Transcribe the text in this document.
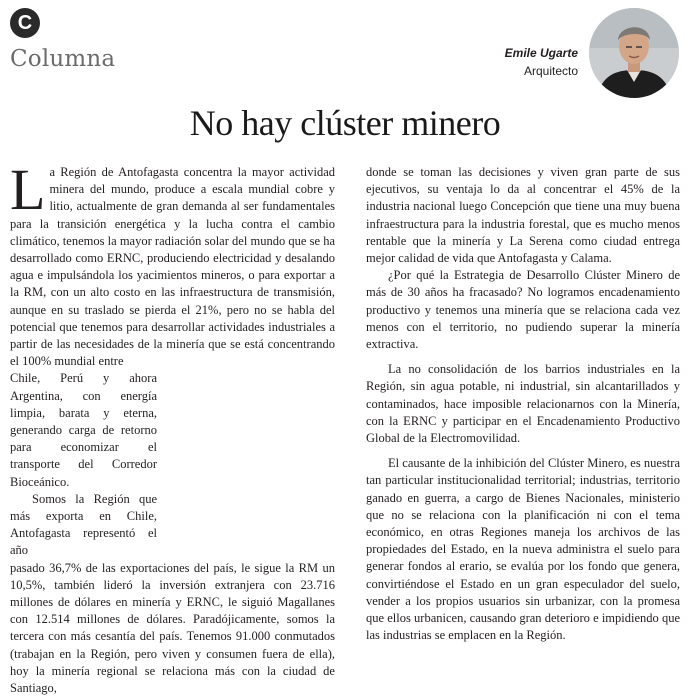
C
Columna	Emile Ugarte
Arquitecto
No hay clúster minero

La Región de Antofagasta concentra la mayor actividad minera del mundo, produce a escala mundial cobre y litio, actualmente de gran demanda al ser fundamentales para la transición energética y la lucha contra el cambio climático, tenemos la mayor radiación solar del mundo que se ha desarrollado como ERNC, produciendo electricidad y desalando agua e impulsándola los yacimientos mineros, o para exportar a la RM, con un alto costo en las infraestructura de transmisión, aunque en su traslado se pierda el 21%, pero no se habla del potencial que tenemos para desarrollar actividades industriales a partir de las necesidades de la minería que se está concentrando el 100% mundial entre

Chile, Perú y ahora Argentina, con energía limpia, barata y eterna, generando carga de retorno para economizar el transporte del Corredor Bioceánico.

Somos la Región que más exporta en Chile, Antofagasta representó el año

pasado 36,7% de las exportaciones del país, le sigue la RM un 10,5%, también lideró la inversión extranjera con 23.716 millones de dólares en minería y ERNC, le siguió Magallanes con 12.514 millones de dólares. Paradójicamente, somos la tercera con más cesantía del país. Tenemos 91.000 conmutados (trabajan en la Región, pero viven y consumen fuera de ella), hoy la minería regional se relaciona más con la ciudad de Santiago,

donde se toman las decisiones y viven gran parte de sus ejecutivos, su ventaja lo da al concentrar el 45% de la industria nacional luego Concepción que tiene una muy buena infraestructura para la industria forestal, que es mucho menos rentable que la minería y La Serena como ciudad entrega mejor calidad de vida que Antofagasta y Calama.

¿Por qué la Estrategia de Desarrollo Clúster Minero de más de 30 años ha fracasado? No logramos encadenamiento productivo y tenemos una minería que se relaciona cada vez menos con el territorio, no pudiendo superar la minería extractiva.

La no consolidación de los barrios industriales en la Región, sin agua potable, ni industrial, sin alcantarillados y contaminados, hace imposible relacionarnos con la Minería, con la ERNC y participar en el Encadenamiento Productivo Global de la Electromovilidad.

El causante de la inhibición del Clúster Minero, es nuestra tan particular institucionalidad territorial; industrias, territorio ganado en guerra, a cargo de Bienes Nacionales, ministerio que no se relaciona con la planificación ni con el tema económico, en otras Regiones maneja los archivos de las propiedades del Estado, en la nueva administra el suelo para generar fondos al erario, se evalúa por los fondo que genera, convirtiéndose el Estado en un gran especulador del suelo, vender a los propios usuarios sin urbanizar, con la promesa que ellos urbanicen, causando gran deterioro e impidiendo que las industrias se emplacen en la Región.
